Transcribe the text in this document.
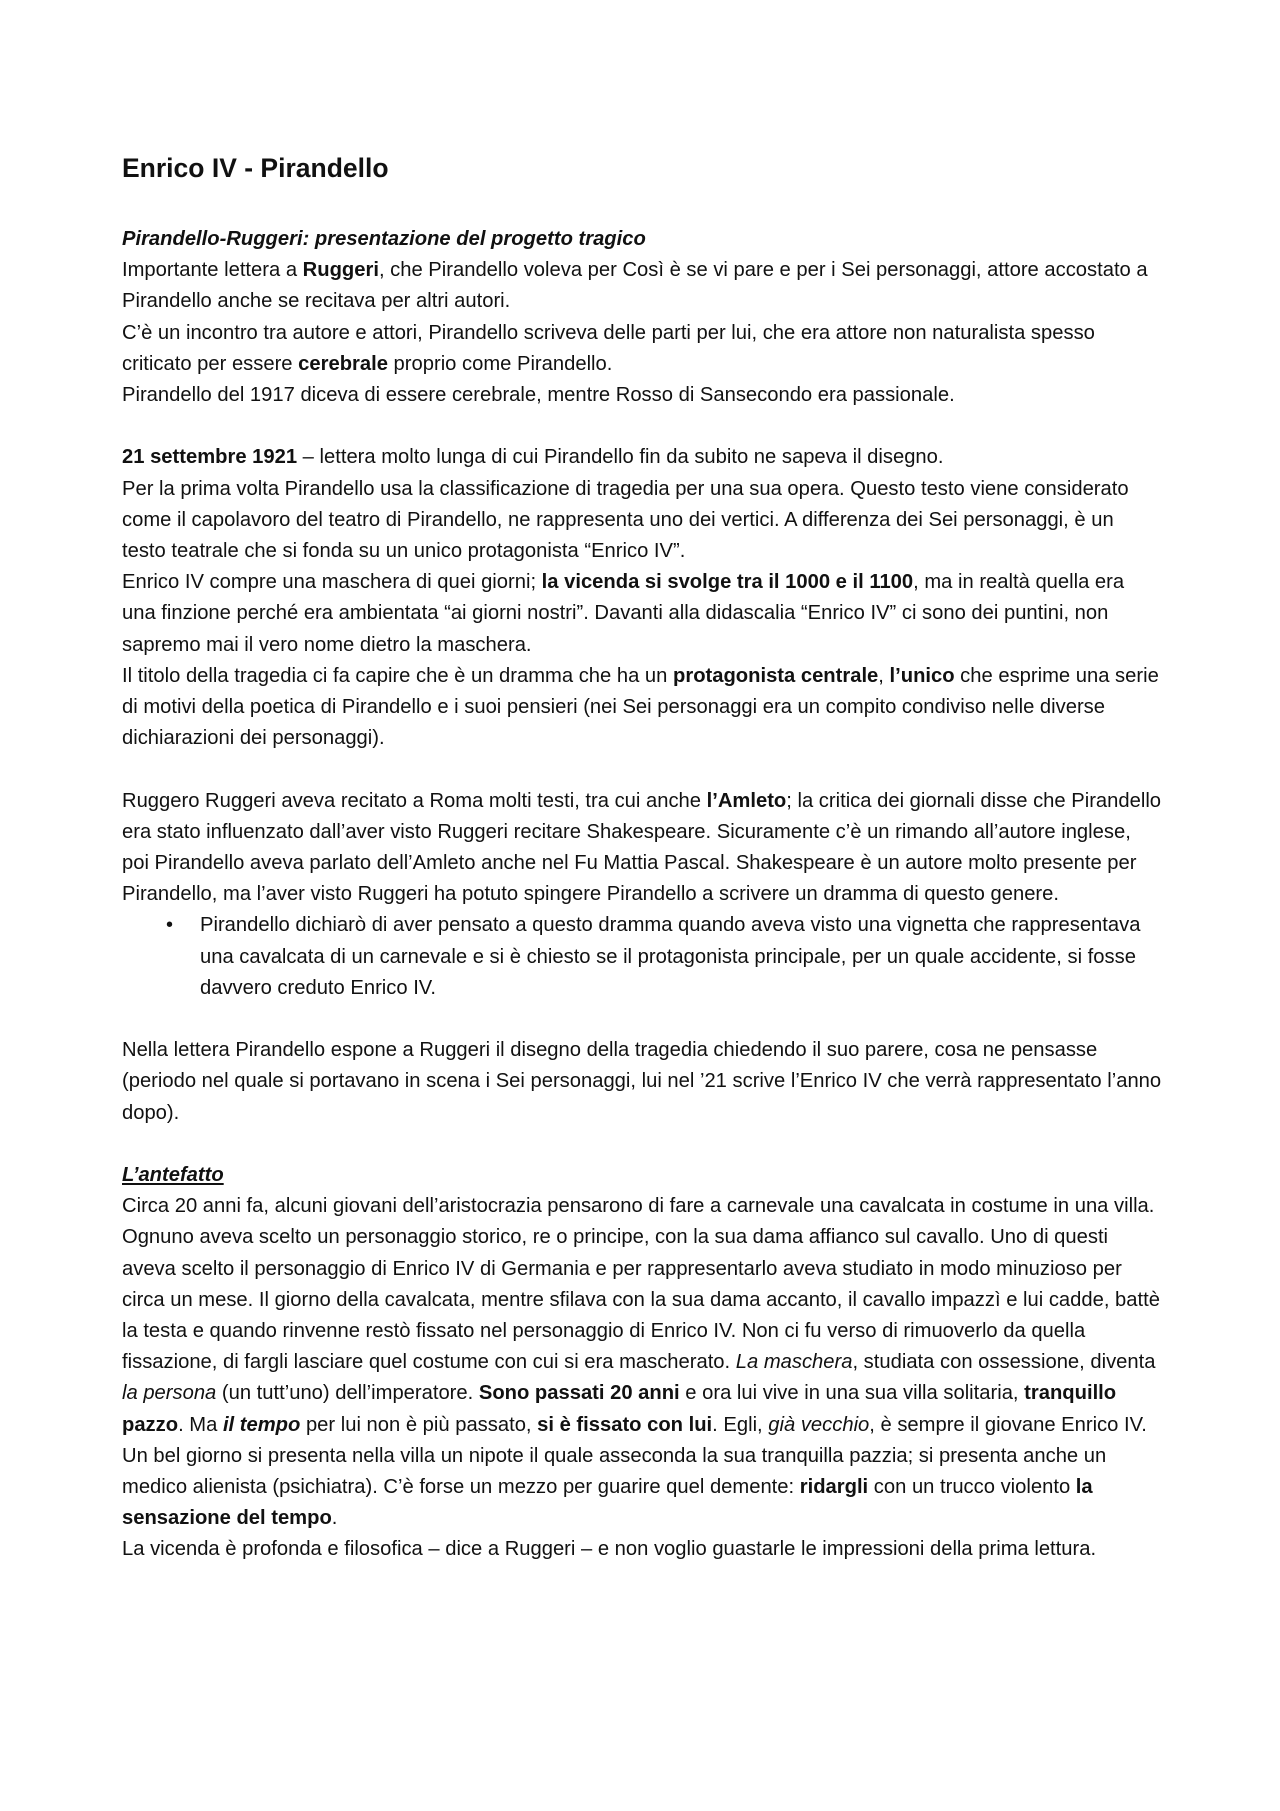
Enrico IV - Pirandello

Pirandello-Ruggeri: presentazione del progetto tragico

Importante lettera a Ruggeri, che Pirandello voleva per Così è se vi pare e per i Sei personaggi, attore accostato a Pirandello anche se recitava per altri autori.

C’è un incontro tra autore e attori, Pirandello scriveva delle parti per lui, che era attore non naturalista spesso criticato per essere cerebrale proprio come Pirandello.

Pirandello del 1917 diceva di essere cerebrale, mentre Rosso di Sansecondo era passionale.

21 settembre 1921 – lettera molto lunga di cui Pirandello fin da subito ne sapeva il disegno.

Per la prima volta Pirandello usa la classificazione di tragedia per una sua opera. Questo testo viene considerato come il capolavoro del teatro di Pirandello, ne rappresenta uno dei vertici. A differenza dei Sei personaggi, è un testo teatrale che si fonda su un unico protagonista “Enrico IV”.

Enrico IV compre una maschera di quei giorni; la vicenda si svolge tra il 1000 e il 1100, ma in realtà quella era una finzione perché era ambientata “ai giorni nostri”. Davanti alla didascalia “Enrico IV” ci sono dei puntini, non sapremo mai il vero nome dietro la maschera.

Il titolo della tragedia ci fa capire che è un dramma che ha un protagonista centrale, l’unico che esprime una serie di motivi della poetica di Pirandello e i suoi pensieri (nei Sei personaggi era un compito condiviso nelle diverse dichiarazioni dei personaggi).

Ruggero Ruggeri aveva recitato a Roma molti testi, tra cui anche l’Amleto; la critica dei giornali disse che Pirandello era stato influenzato dall’aver visto Ruggeri recitare Shakespeare. Sicuramente c’è un rimando all’autore inglese, poi Pirandello aveva parlato dell’Amleto anche nel Fu Mattia Pascal. Shakespeare è un autore molto presente per Pirandello, ma l’aver visto Ruggeri ha potuto spingere Pirandello a scrivere un dramma di questo genere.

• Pirandello dichiarò di aver pensato a questo dramma quando aveva visto una vignetta che rappresentava una cavalcata di un carnevale e si è chiesto se il protagonista principale, per un quale accidente, si fosse davvero creduto Enrico IV.

Nella lettera Pirandello espone a Ruggeri il disegno della tragedia chiedendo il suo parere, cosa ne pensasse (periodo nel quale si portavano in scena i Sei personaggi, lui nel ’21 scrive l’Enrico IV che verrà rappresentato l’anno dopo).

L’antefatto

Circa 20 anni fa, alcuni giovani dell’aristocrazia pensarono di fare a carnevale una cavalcata in costume in una villa. Ognuno aveva scelto un personaggio storico, re o principe, con la sua dama affianco sul cavallo. Uno di questi aveva scelto il personaggio di Enrico IV di Germania e per rappresentarlo aveva studiato in modo minuzioso per circa un mese. Il giorno della cavalcata, mentre sfilava con la sua dama accanto, il cavallo impazzì e lui cadde, battè la testa e quando rinvenne restò fissato nel personaggio di Enrico IV. Non ci fu verso di rimuoverlo da quella fissazione, di fargli lasciare quel costume con cui si era mascherato. La maschera, studiata con ossessione, diventa la persona (un tutt’uno) dell’imperatore. Sono passati 20 anni e ora lui vive in una sua villa solitaria, tranquillo pazzo. Ma il tempo per lui non è più passato, si è fissato con lui. Egli, già vecchio, è sempre il giovane Enrico IV.

Un bel giorno si presenta nella villa un nipote il quale asseconda la sua tranquilla pazzia; si presenta anche un medico alienista (psichiatra). C’è forse un mezzo per guarire quel demente: ridargli con un trucco violento la sensazione del tempo.

La vicenda è profonda e filosofica – dice a Ruggeri – e non voglio guastarle le impressioni della prima lettura.
